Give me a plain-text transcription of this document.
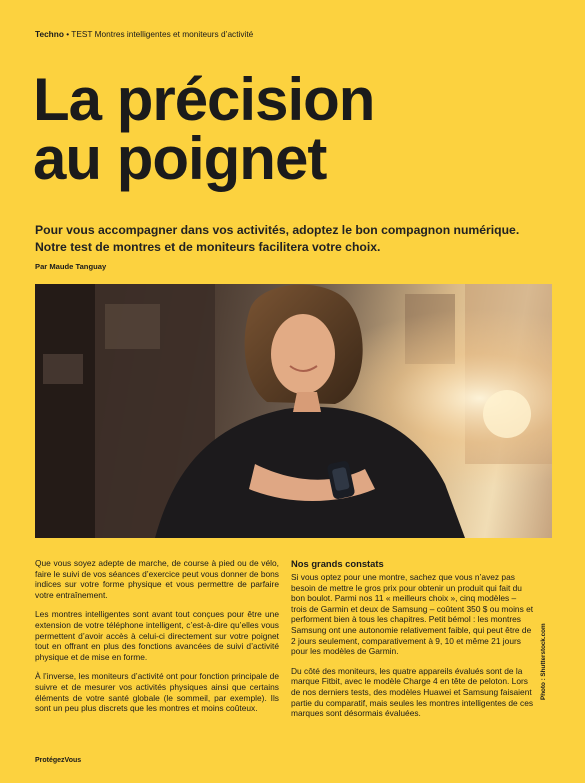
Techno • TEST Montres intelligentes et moniteurs d’activité
La précision
au poignet

Pour vous accompagner dans vos activités, adoptez le bon compagnon numérique. Notre test de montres et de moniteurs facilitera votre choix.

Par Maude Tanguay

Que vous soyez adepte de marche, de course à pied ou de vélo, faire le suivi de vos séances d’exercice peut vous donner de bons indices sur votre forme physique et vous permettre de parfaire votre entraînement.

Les montres intelligentes sont avant tout conçues pour être une extension de votre téléphone intelligent, c’est-à-dire qu’elles vous permettent d’avoir accès à celui-ci directement sur votre poignet tout en offrant en plus des fonctions avancées de suivi d’activité physique et de mise en forme.

À l’inverse, les moniteurs d’activité ont pour fonction principale de suivre et de mesurer vos activités physiques ainsi que certains éléments de votre santé globale (le sommeil, par exemple). Ils sont un peu plus discrets que les montres et moins coûteux.

Nos grands constats

Si vous optez pour une montre, sachez que vous n’avez pas besoin de mettre le gros prix pour obtenir un produit qui fait du bon boulot. Parmi nos 11 « meilleurs choix », cinq modèles – trois de Garmin et deux de Samsung – coûtent 350 $ ou moins et performent bien à tous les chapitres. Petit bémol : les montres Samsung ont une autonomie relativement faible, qui peut être de 2 jours seulement, comparativement à 9, 10 et même 21 jours pour les modèles de Garmin.

Du côté des moniteurs, les quatre appareils évalués sont de la marque Fitbit, avec le modèle Charge 4 en tête de peloton. Lors de nos derniers tests, des modèles Huawei et Samsung faisaient partie du comparatif, mais seules les montres intelligentes de ces marques sont désormais évaluées.

Photo : Shutterstock.com
ProtégezVous
